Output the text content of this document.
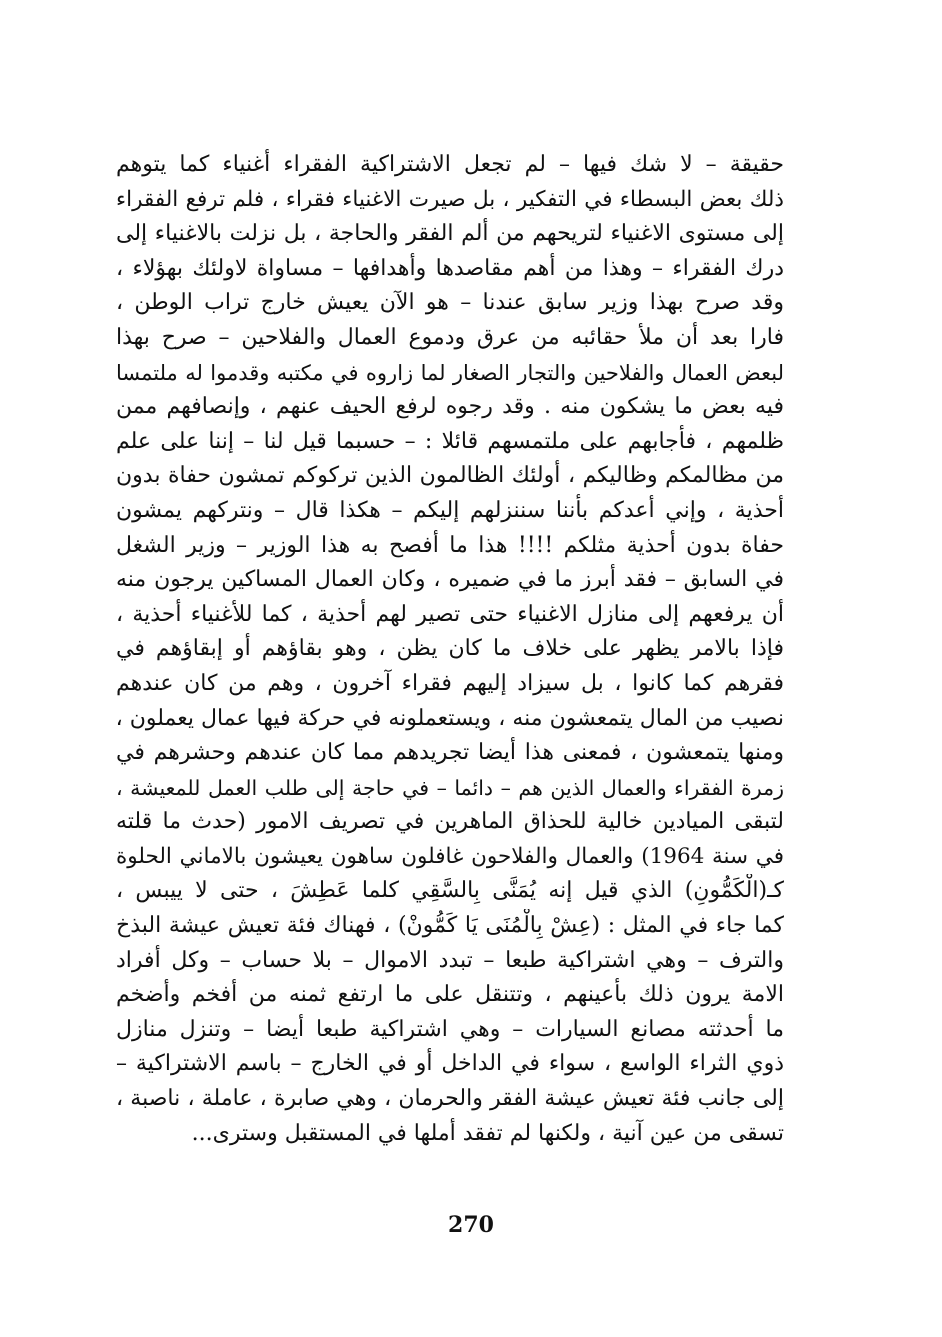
حقيقة – لا شك فيها – لم تجعل الاشتراكية الفقراء أغنياء كما يتوهم
ذلك بعض البسطاء في التفكير ، بل صيرت الاغنياء فقراء ، فلم ترفع الفقراء
إلى مستوى الاغنياء لتريحهم من ألم الفقر والحاجة ، بل نزلت بالاغنياء إلى
درك الفقراء – وهذا من أهم مقاصدها وأهدافها – مساواة لاولئك بهؤلاء ،
وقد صرح بهذا وزير سابق عندنا – هو الآن يعيش خارج تراب الوطن ،
فارا بعد أن ملأ حقائبه من عرق ودموع العمال والفلاحين – صرح بهذا
لبعض العمال والفلاحين والتجار الصغار لما زاروه في مكتبه وقدموا له ملتمسا
فيه بعض ما يشكون منه . وقد رجوه لرفع الحيف عنهم ، وإنصافهم ممن
ظلمهم ، فأجابهم على ملتمسهم قائلا : – حسبما قيل لنا – إننا على علم
من مظالمكم وظاليكم ، أولئك الظالمون الذين تركوكم تمشون حفاة بدون
أحذية ، وإني أعدكم بأننا سننزلهم إليكم – هكذا قال – ونتركهم يمشون
حفاة بدون أحذية مثلكم !!!! هذا ما أفصح به هذا الوزير – وزير الشغل
في السابق – فقد أبرز ما في ضميره ، وكان العمال المساكين يرجون منه
أن يرفعهم إلى منازل الاغنياء حتى تصير لهم أحذية ، كما للأغنياء أحذية ،
فإذا بالامر يظهر على خلاف ما كان يظن ، وهو بقاؤهم أو إبقاؤهم في
فقرهم كما كانوا ، بل سيزاد إليهم فقراء آخرون ، وهم من كان عندهم
نصيب من المال يتمعشون منه ، ويستعملونه في حركة فيها عمال يعملون ،
ومنها يتمعشون ، فمعنى هذا أيضا تجريدهم مما كان عندهم وحشرهم في
زمرة الفقراء والعمال الذين هم – دائما – في حاجة إلى طلب العمل للمعيشة ،
لتبقى الميادين خالية للحذاق الماهرين في تصريف الامور (حدث ما قلته
في سنة 1964) والعمال والفلاحون غافلون ساهون يعيشون بالاماني الحلوة
كـ(الْكَمُّونِ) الذي قيل إنه يُمَنَّى بِالسَّقِي كلما عَطِشَ ، حتى لا ييبس ،
كما جاء في المثل : (عِشْ بِالْمُنَى يَا كَمُّونْ) ، فهناك فئة تعيش عيشة البذخ
والترف – وهي اشتراكية طبعا – تبدد الاموال – بلا حساب – وكل أفراد
الامة يرون ذلك بأعينهم ، وتتنقل على ما ارتفع ثمنه من أفخم وأضخم
ما أحدثته مصانع السيارات – وهي اشتراكية طبعا أيضا – وتنزل منازل
ذوي الثراء الواسع ، سواء في الداخل أو في الخارج – باسم الاشتراكية –
إلى جانب فئة تعيش عيشة الفقر والحرمان ، وهي صابرة ، عاملة ، ناصبة ،
تسقى من عين آنية ، ولكنها لم تفقد أملها في المستقبل وسترى...
270
